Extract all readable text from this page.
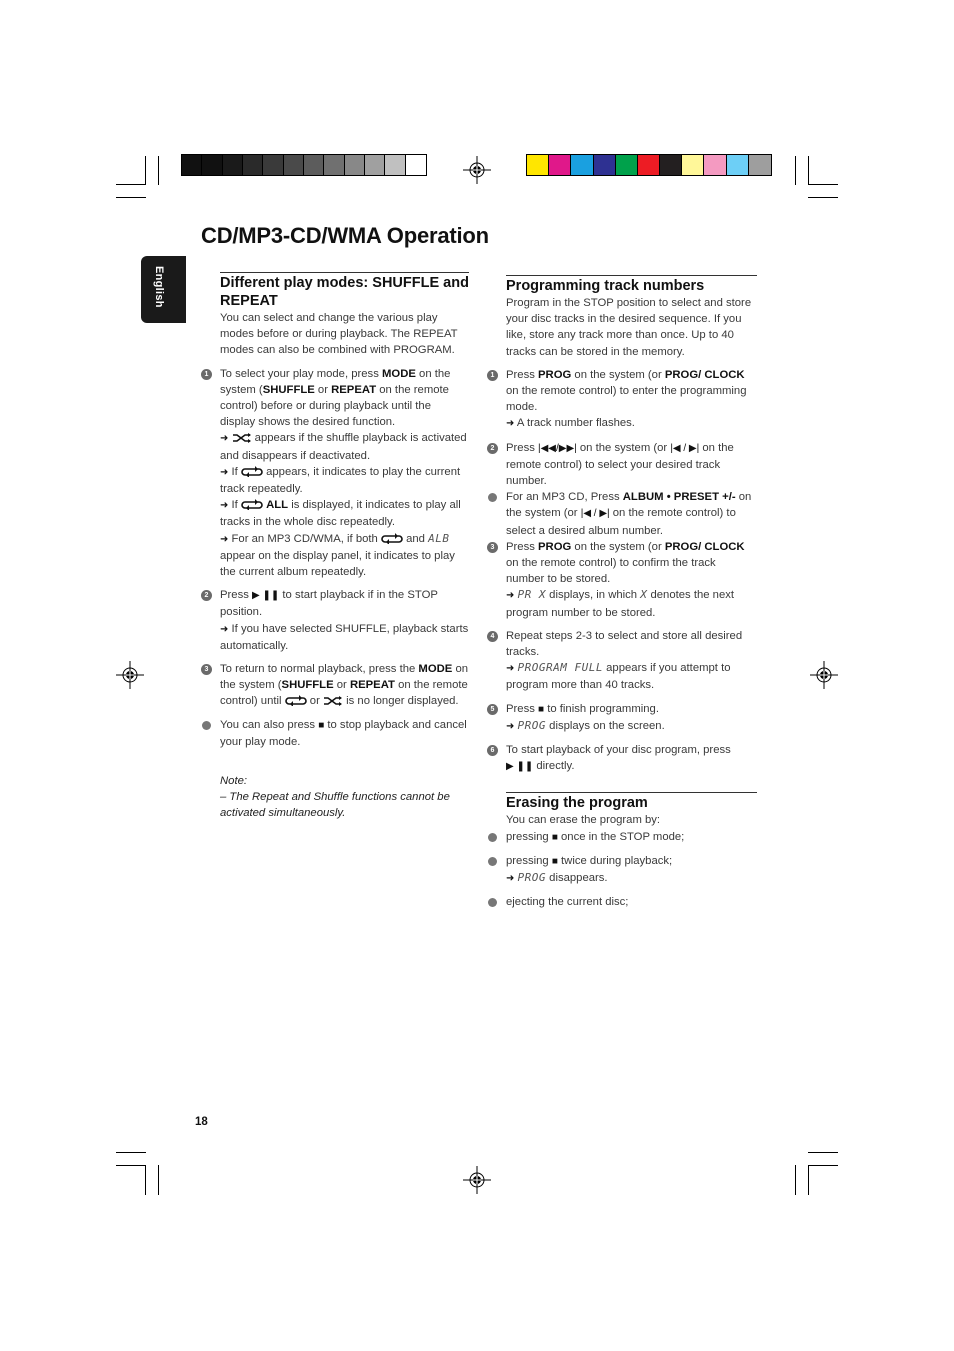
CD/MP3-CD/WMA Operation
English	Different play modes: SHUFFLE and REPEAT
You can select and change the various play modes before or during playback. The REPEAT modes can also be combined with PROGRAM.
1	To select your play mode, press MODE on the system (SHUFFLE or REPEAT on the remote control) before or during playback until the display shows the desired function.
➜  appears if the shuffle playback is activated and disappears if deactivated.
➜ If  appears, it indicates to play the current track repeatedly.
➜ If  ALL is displayed, it indicates to play all tracks in the whole disc repeatedly.
➜ For an MP3 CD/WMA, if both  and ALB appear on the display panel, it indicates to play the current album repeatedly.
2	Press ▶ ❚❚ to start playback if in the STOP position.
➜ If you have selected SHUFFLE, playback starts automatically.
3	To return to normal playback, press the MODE on the system (SHUFFLE or REPEAT on the remote control) until  or  is no longer displayed.
You can also press ■ to stop playback and cancel your play mode.
Note:
– The Repeat and Shuffle functions cannot be activated simultaneously.
Programming track numbers
Program in the STOP position to select and store your disc tracks in the desired sequence. If you like, store any track more than once. Up to 40 tracks can be stored in the memory.
1	Press PROG on the system (or PROG/ CLOCK on the remote control) to enter the programming mode.
➜ A track number flashes.
2	Press |◀◀/▶▶| on the system (or |◀ / ▶| on the remote control) to select your desired track number.
For an MP3 CD, Press ALBUM • PRESET +/- on the system (or |◀ / ▶| on the remote control) to select a desired album number.
3	Press PROG on the system (or PROG/ CLOCK on the remote control) to confirm the track number to be stored.
➜ PR X displays, in which X denotes the next program number to be stored.
4	Repeat steps 2-3 to select and store all desired tracks.
➜ PROGRAM FULL appears if you attempt to program more than 40 tracks.
5	Press ■ to finish programming.
➜ PROG displays on the screen.
6	To start playback of your disc program, press
▶ ❚❚ directly.
Erasing the program
You can erase the program by:
pressing ■ once in the STOP mode;
pressing ■ twice during playback;
➜ PROG disappears.
ejecting the current disc;
18
